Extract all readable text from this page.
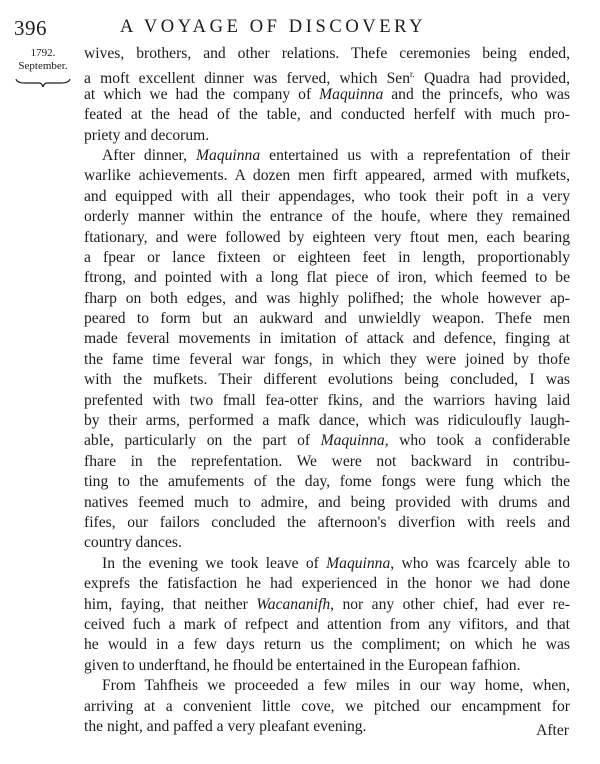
396	A VOYAGE OF DISCOVERY
1792.
September.
wives, brothers, and other relations. Thefe ceremonies being ended,
a moft excellent dinner was ferved, which Sen$^{r.}$ Quadra had provided,
at which we had the company of Maquinna and the princefs, who was
feated at the head of the table, and conducted herfelf with much pro-
priety and decorum.
After dinner, Maquinna entertained us with a reprefentation of their
warlike achievements. A dozen men firft appeared, armed with mufkets,
and equipped with all their appendages, who took their poft in a very
orderly manner within the entrance of the houfe, where they remained
ftationary, and were followed by eighteen very ftout men, each bearing
a fpear or lance fixteen or eighteen feet in length, proportionably
ftrong, and pointed with a long flat piece of iron, which feemed to be
fharp on both edges, and was highly polifhed; the whole however ap-
peared to form but an aukward and unwieldly weapon. Thefe men
made feveral movements in imitation of attack and defence, finging at
the fame time feveral war fongs, in which they were joined by thofe
with the mufkets. Their different evolutions being concluded, I was
prefented with two fmall fea-otter fkins, and the warriors having laid
by their arms, performed a mafk dance, which was ridiculoufly laugh-
able, particularly on the part of Maquinna, who took a confiderable
fhare in the reprefentation. We were not backward in contribu-
ting to the amufements of the day, fome fongs were fung which the
natives feemed much to admire, and being provided with drums and
fifes, our failors concluded the afternoon's diverfion with reels and
country dances.
In the evening we took leave of Maquinna, who was fcarcely able to
exprefs the fatisfaction he had experienced in the honor we had done
him, faying, that neither Wacananifh, nor any other chief, had ever re-
ceived fuch a mark of refpect and attention from any vifitors, and that
he would in a few days return us the compliment; on which he was
given to underftand, he fhould be entertained in the European fafhion.
From Tahfheis we proceeded a few miles in our way home, when,
arriving at a convenient little cove, we pitched our encampment for
the night, and paffed a very pleafant evening.	After
